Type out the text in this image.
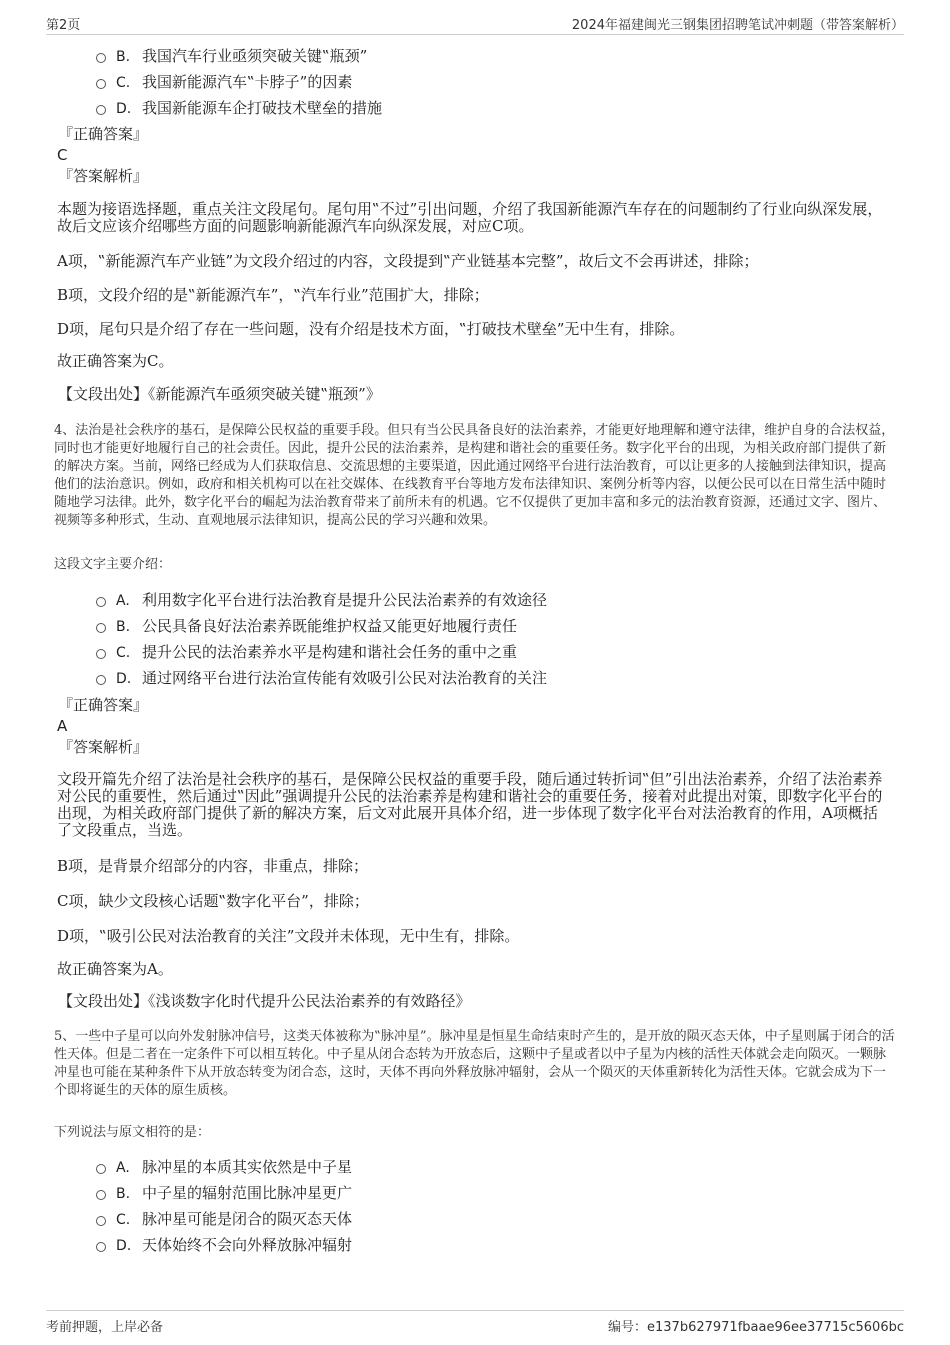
第2页	2024年福建闽光三钢集团招聘笔试冲刺题（带答案解析）
B. 我国汽车行业亟须突破关键‟瓶颈”
C. 我国新能源汽车‟卡脖子”的因素
D. 我国新能源车企打破技术壁垒的措施
『正确答案』
C
『答案解析』
本题为接语选择题，重点关注文段尾句。尾句用‟不过”引出问题，介绍了我国新能源汽车存在的问题制约了行业向纵深发展，故后文应该介绍哪些方面的问题影响新能源汽车向纵深发展，对应C项。
A项，‟新能源汽车产业链”为文段介绍过的内容，文段提到‟产业链基本完整”，故后文不会再讲述，排除；
B项，文段介绍的是‟新能源汽车”，‟汽车行业”范围扩大，排除；
D项，尾句只是介绍了存在一些问题，没有介绍是技术方面，‟打破技术壁垒”无中生有，排除。
故正确答案为C。
【文段出处】《新能源汽车亟须突破关键‟瓶颈”》
4、法治是社会秩序的基石，是保障公民权益的重要手段。但只有当公民具备良好的法治素养，才能更好地理解和遵守法律，维护自身的合法权益，同时也才能更好地履行自己的社会责任。因此，提升公民的法治素养，是构建和谐社会的重要任务。数字化平台的出现，为相关政府部门提供了新的解决方案。当前，网络已经成为人们获取信息、交流思想的主要渠道，因此通过网络平台进行法治教育，可以让更多的人接触到法律知识，提高他们的法治意识。例如，政府和相关机构可以在社交媒体、在线教育平台等地方发布法律知识、案例分析等内容，以便公民可以在日常生活中随时随地学习法律。此外，数字化平台的崛起为法治教育带来了前所未有的机遇。它不仅提供了更加丰富和多元的法治教育资源，还通过文字、图片、视频等多种形式，生动、直观地展示法律知识，提高公民的学习兴趣和效果。
这段文字主要介绍：
A. 利用数字化平台进行法治教育是提升公民法治素养的有效途径
B. 公民具备良好法治素养既能维护权益又能更好地履行责任
C. 提升公民的法治素养水平是构建和谐社会任务的重中之重
D. 通过网络平台进行法治宣传能有效吸引公民对法治教育的关注
『正确答案』
A
『答案解析』
文段开篇先介绍了法治是社会秩序的基石，是保障公民权益的重要手段，随后通过转折词‟但”引出法治素养，介绍了法治素养对公民的重要性，然后通过‟因此”强调提升公民的法治素养是构建和谐社会的重要任务，接着对此提出对策，即数字化平台的出现，为相关政府部门提供了新的解决方案，后文对此展开具体介绍，进一步体现了数字化平台对法治教育的作用，A项概括了文段重点，当选。
B项，是背景介绍部分的内容，非重点，排除；
C项，缺少文段核心话题‟数字化平台”，排除；
D项，‟吸引公民对法治教育的关注”文段并未体现，无中生有，排除。
故正确答案为A。
【文段出处】《浅谈数字化时代提升公民法治素养的有效路径》
5、一些中子星可以向外发射脉冲信号，这类天体被称为‟脉冲星”。脉冲星是恒星生命结束时产生的，是开放的陨灭态天体，中子星则属于闭合的活性天体。但是二者在一定条件下可以相互转化。中子星从闭合态转为开放态后，这颗中子星或者以中子星为内核的活性天体就会走向陨灭。一颗脉冲星也可能在某种条件下从开放态转变为闭合态，这时，天体不再向外释放脉冲辐射，会从一个陨灭的天体重新转化为活性天体。它就会成为下一个即将诞生的天体的原生质核。
下列说法与原文相符的是：
A. 脉冲星的本质其实依然是中子星
B. 中子星的辐射范围比脉冲星更广
C. 脉冲星可能是闭合的陨灭态天体
D. 天体始终不会向外释放脉冲辐射
考前押题，上岸必备	编号：e137b627971fbaae96ee37715c5606bc
